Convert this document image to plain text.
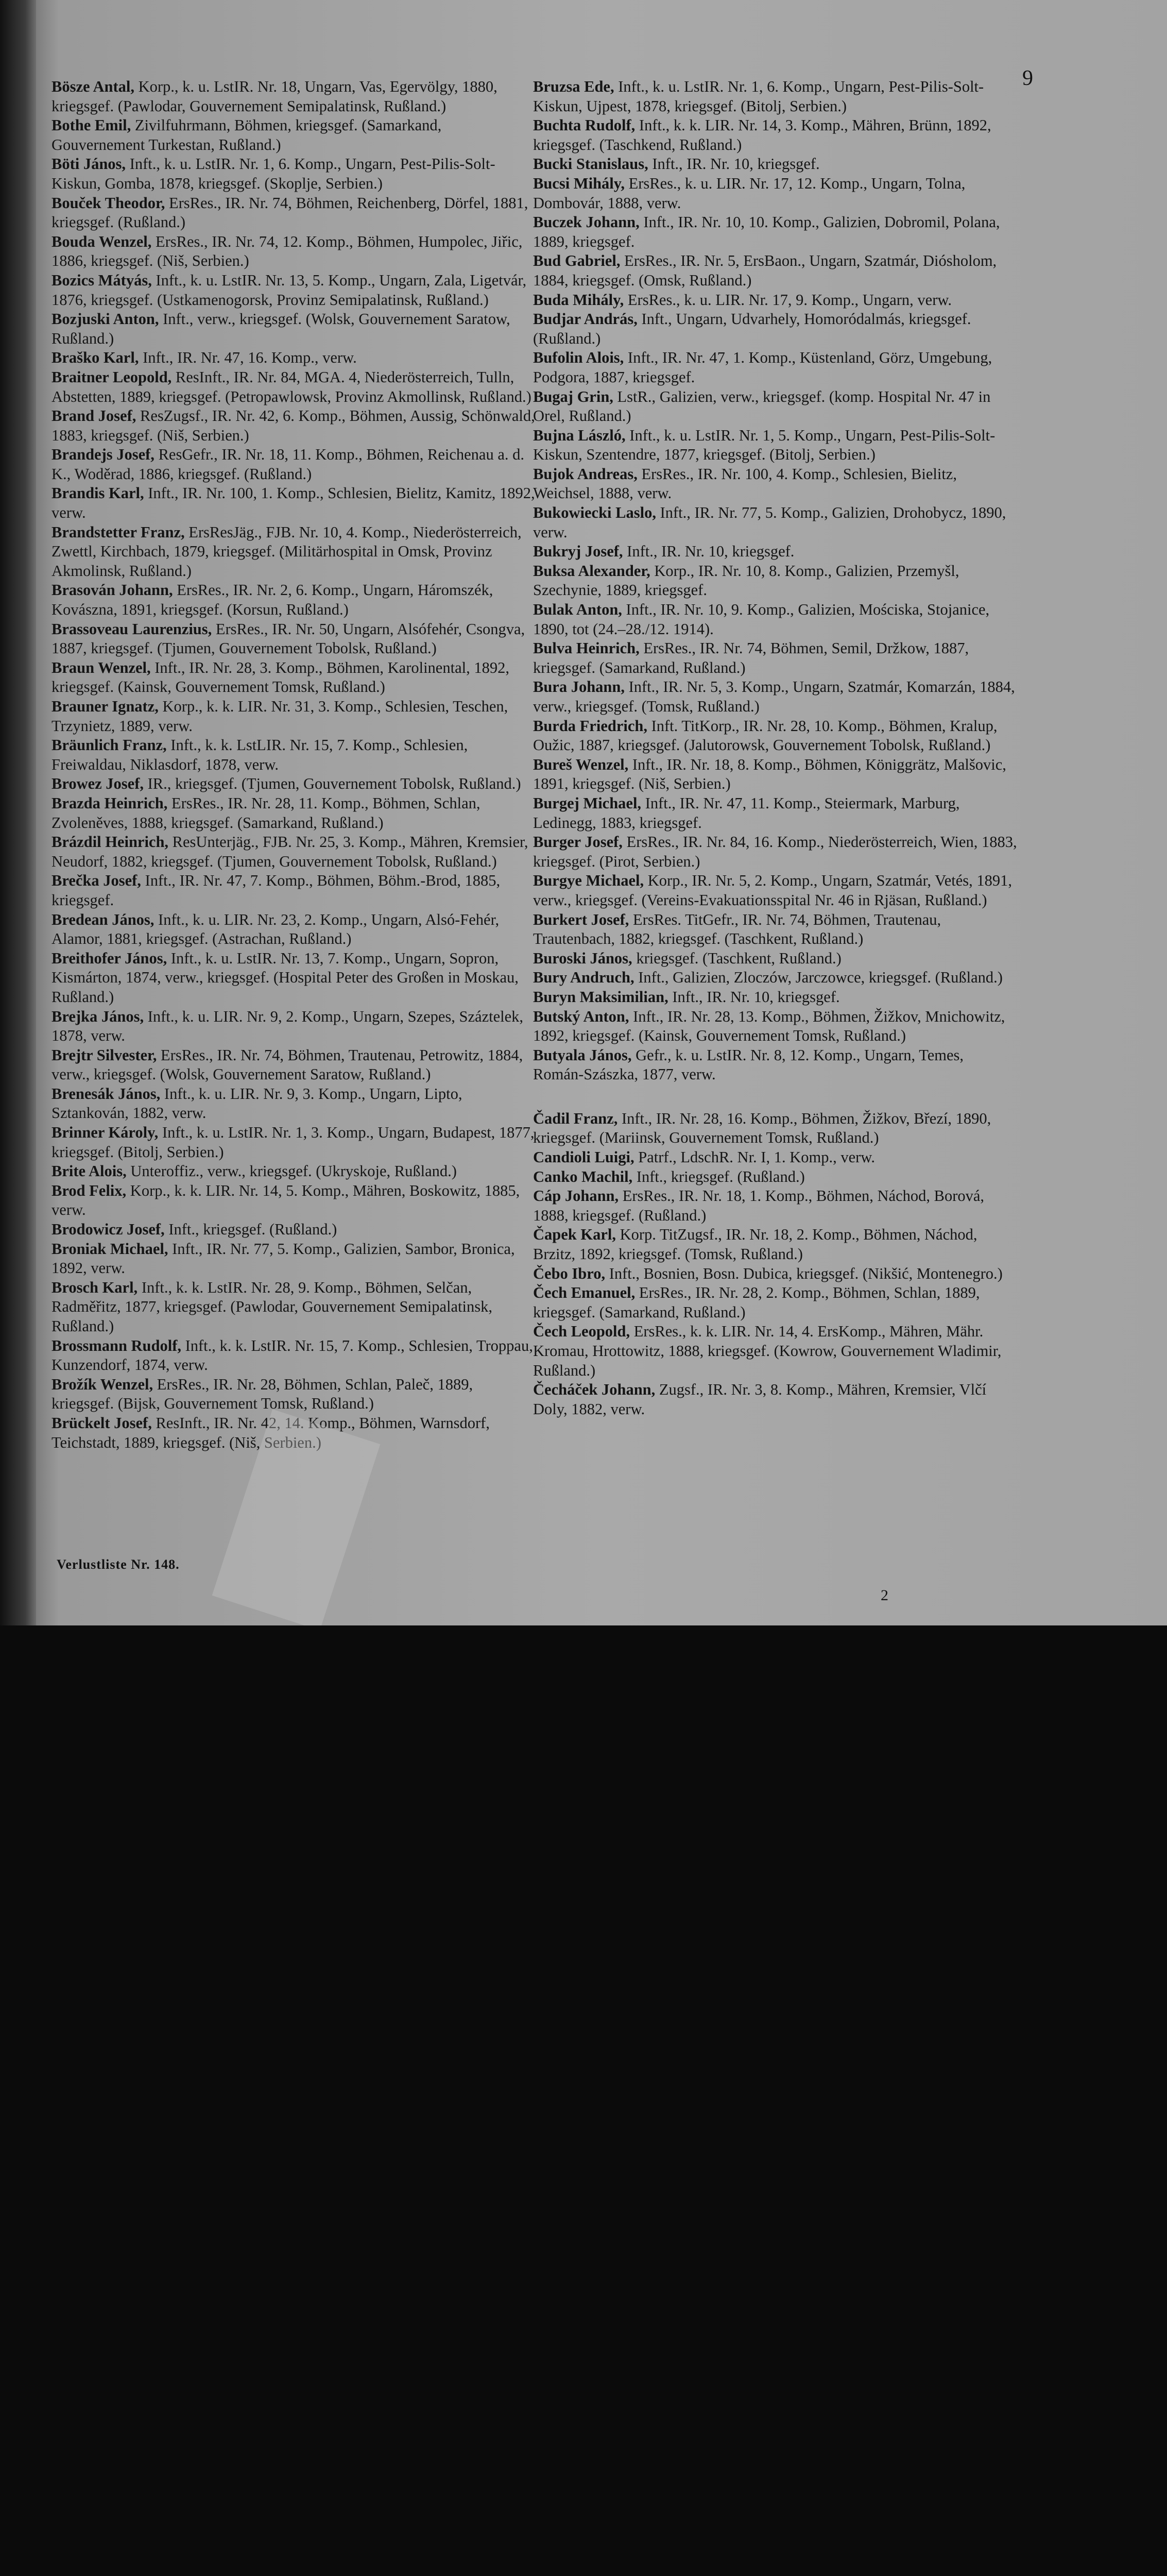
9

Bösze Antal, Korp., k. u. LstIR. Nr. 18, Ungarn, Vas, Egervölgy, 1880, kriegsgef. (Pawlodar, Gouvernement Semipalatinsk, Rußland.)

Bothe Emil, Zivilfuhrmann, Böhmen, kriegsgef. (Samarkand, Gouvernement Turkestan, Rußland.)

Böti János, Inft., k. u. LstIR. Nr. 1, 6. Komp., Ungarn, Pest-Pilis-Solt-Kiskun, Gomba, 1878, kriegsgef. (Skoplje, Serbien.)

Bouček Theodor, ErsRes., IR. Nr. 74, Böhmen, Reichenberg, Dörfel, 1881, kriegsgef. (Rußland.)

Bouda Wenzel, ErsRes., IR. Nr. 74, 12. Komp., Böhmen, Humpolec, Jiřic, 1886, kriegsgef. (Niš, Serbien.)

Bozics Mátyás, Inft., k. u. LstIR. Nr. 13, 5. Komp., Ungarn, Zala, Ligetvár, 1876, kriegsgef. (Ustkamenogorsk, Provinz Semipalatinsk, Rußland.)

Bozjuski Anton, Inft., verw., kriegsgef. (Wolsk, Gouvernement Saratow, Rußland.)

Braško Karl, Inft., IR. Nr. 47, 16. Komp., verw.

Braitner Leopold, ResInft., IR. Nr. 84, MGA. 4, Niederösterreich, Tulln, Abstetten, 1889, kriegsgef. (Petropawlowsk, Provinz Akmollinsk, Rußland.)

Brand Josef, ResZugsf., IR. Nr. 42, 6. Komp., Böhmen, Aussig, Schönwald, 1883, kriegsgef. (Niš, Serbien.)

Brandejs Josef, ResGefr., IR. Nr. 18, 11. Komp., Böhmen, Reichenau a. d. K., Woděrad, 1886, kriegsgef. (Rußland.)

Brandis Karl, Inft., IR. Nr. 100, 1. Komp., Schlesien, Bielitz, Kamitz, 1892, verw.

Brandstetter Franz, ErsResJäg., FJB. Nr. 10, 4. Komp., Niederösterreich, Zwettl, Kirchbach, 1879, kriegsgef. (Militärhospital in Omsk, Provinz Akmolinsk, Rußland.)

Brasován Johann, ErsRes., IR. Nr. 2, 6. Komp., Ungarn, Háromszék, Kovászna, 1891, kriegsgef. (Korsun, Rußland.)

Brassoveau Laurenzius, ErsRes., IR. Nr. 50, Ungarn, Alsófehér, Csongva, 1887, kriegsgef. (Tjumen, Gouvernement Tobolsk, Rußland.)

Braun Wenzel, Inft., IR. Nr. 28, 3. Komp., Böhmen, Karolinental, 1892, kriegsgef. (Kainsk, Gouvernement Tomsk, Rußland.)

Brauner Ignatz, Korp., k. k. LIR. Nr. 31, 3. Komp., Schlesien, Teschen, Trzynietz, 1889, verw.

Bräunlich Franz, Inft., k. k. LstLIR. Nr. 15, 7. Komp., Schlesien, Freiwaldau, Niklasdorf, 1878, verw.

Browez Josef, IR., kriegsgef. (Tjumen, Gouvernement Tobolsk, Rußland.)

Brazda Heinrich, ErsRes., IR. Nr. 28, 11. Komp., Böhmen, Schlan, Zvoleněves, 1888, kriegsgef. (Samarkand, Rußland.)

Brázdil Heinrich, ResUnterjäg., FJB. Nr. 25, 3. Komp., Mähren, Kremsier, Neudorf, 1882, kriegsgef. (Tjumen, Gouvernement Tobolsk, Rußland.)

Brečka Josef, Inft., IR. Nr. 47, 7. Komp., Böhmen, Böhm.-Brod, 1885, kriegsgef.

Bredean János, Inft., k. u. LIR. Nr. 23, 2. Komp., Ungarn, Alsó-Fehér, Alamor, 1881, kriegsgef. (Astrachan, Rußland.)

Breithofer János, Inft., k. u. LstIR. Nr. 13, 7. Komp., Ungarn, Sopron, Kismárton, 1874, verw., kriegsgef. (Hospital Peter des Großen in Moskau, Rußland.)

Brejka János, Inft., k. u. LIR. Nr. 9, 2. Komp., Ungarn, Szepes, Száztelek, 1878, verw.

Brejtr Silvester, ErsRes., IR. Nr. 74, Böhmen, Trautenau, Petrowitz, 1884, verw., kriegsgef. (Wolsk, Gouvernement Saratow, Rußland.)

Brenesák János, Inft., k. u. LIR. Nr. 9, 3. Komp., Ungarn, Lipto, Sztankován, 1882, verw.

Brinner Károly, Inft., k. u. LstIR. Nr. 1, 3. Komp., Ungarn, Budapest, 1877, kriegsgef. (Bitolj, Serbien.)

Brite Alois, Unteroffiz., verw., kriegsgef. (Ukryskoje, Rußland.)

Brod Felix, Korp., k. k. LIR. Nr. 14, 5. Komp., Mähren, Boskowitz, 1885, verw.

Brodowicz Josef, Inft., kriegsgef. (Rußland.)

Broniak Michael, Inft., IR. Nr. 77, 5. Komp., Galizien, Sambor, Bronica, 1892, verw.

Brosch Karl, Inft., k. k. LstIR. Nr. 28, 9. Komp., Böhmen, Selčan, Radměřitz, 1877, kriegsgef. (Pawlodar, Gouvernement Semipalatinsk, Rußland.)

Brossmann Rudolf, Inft., k. k. LstIR. Nr. 15, 7. Komp., Schlesien, Troppau, Kunzendorf, 1874, verw.

Brožík Wenzel, ErsRes., IR. Nr. 28, Böhmen, Schlan, Paleč, 1889, kriegsgef. (Bijsk, Gouvernement Tomsk, Rußland.)

Brückelt Josef, ResInft., IR. Nr. 42, 14. Komp., Böhmen, Warnsdorf, Teichstadt, 1889, kriegsgef. (Niš, Serbien.)

Bruzsa Ede, Inft., k. u. LstIR. Nr. 1, 6. Komp., Ungarn, Pest-Pilis-Solt-Kiskun, Ujpest, 1878, kriegsgef. (Bitolj, Serbien.)

Buchta Rudolf, Inft., k. k. LIR. Nr. 14, 3. Komp., Mähren, Brünn, 1892, kriegsgef. (Taschkend, Rußland.)

Bucki Stanislaus, Inft., IR. Nr. 10, kriegsgef.

Bucsi Mihály, ErsRes., k. u. LIR. Nr. 17, 12. Komp., Ungarn, Tolna, Dombovár, 1888, verw.

Buczek Johann, Inft., IR. Nr. 10, 10. Komp., Galizien, Dobromil, Polana, 1889, kriegsgef.

Bud Gabriel, ErsRes., IR. Nr. 5, ErsBaon., Ungarn, Szatmár, Diósholom, 1884, kriegsgef. (Omsk, Rußland.)

Buda Mihály, ErsRes., k. u. LIR. Nr. 17, 9. Komp., Ungarn, verw.

Budjar András, Inft., Ungarn, Udvarhely, Homoródalmás, kriegsgef. (Rußland.)

Bufolin Alois, Inft., IR. Nr. 47, 1. Komp., Küstenland, Görz, Umgebung, Podgora, 1887, kriegsgef.

Bugaj Grin, LstR., Galizien, verw., kriegsgef. (komp. Hospital Nr. 47 in Orel, Rußland.)

Bujna László, Inft., k. u. LstIR. Nr. 1, 5. Komp., Ungarn, Pest-Pilis-Solt-Kiskun, Szentendre, 1877, kriegsgef. (Bitolj, Serbien.)

Bujok Andreas, ErsRes., IR. Nr. 100, 4. Komp., Schlesien, Bielitz, Weichsel, 1888, verw.

Bukowiecki Laslo, Inft., IR. Nr. 77, 5. Komp., Galizien, Drohobycz, 1890, verw.

Bukryj Josef, Inft., IR. Nr. 10, kriegsgef.

Buksa Alexander, Korp., IR. Nr. 10, 8. Komp., Galizien, Przemyšl, Szechynie, 1889, kriegsgef.

Bulak Anton, Inft., IR. Nr. 10, 9. Komp., Galizien, Mościska, Stojanice, 1890, tot (24.–28./12. 1914).

Bulva Heinrich, ErsRes., IR. Nr. 74, Böhmen, Semil, Držkow, 1887, kriegsgef. (Samarkand, Rußland.)

Bura Johann, Inft., IR. Nr. 5, 3. Komp., Ungarn, Szatmár, Komarzán, 1884, verw., kriegsgef. (Tomsk, Rußland.)

Burda Friedrich, Inft. TitKorp., IR. Nr. 28, 10. Komp., Böhmen, Kralup, Oužic, 1887, kriegsgef. (Jalutorowsk, Gouvernement Tobolsk, Rußland.)

Bureš Wenzel, Inft., IR. Nr. 18, 8. Komp., Böhmen, Königgrätz, Malšovic, 1891, kriegsgef. (Niš, Serbien.)

Burgej Michael, Inft., IR. Nr. 47, 11. Komp., Steiermark, Marburg, Ledinegg, 1883, kriegsgef.

Burger Josef, ErsRes., IR. Nr. 84, 16. Komp., Niederösterreich, Wien, 1883, kriegsgef. (Pirot, Serbien.)

Burgye Michael, Korp., IR. Nr. 5, 2. Komp., Ungarn, Szatmár, Vetés, 1891, verw., kriegsgef. (Vereins-Evakuationsspital Nr. 46 in Rjäsan, Rußland.)

Burkert Josef, ErsRes. TitGefr., IR. Nr. 74, Böhmen, Trautenau, Trautenbach, 1882, kriegsgef. (Taschkent, Rußland.)

Buroski János, kriegsgef. (Taschkent, Rußland.)

Bury Andruch, Inft., Galizien, Zloczów, Jarczowce, kriegsgef. (Rußland.)

Buryn Maksimilian, Inft., IR. Nr. 10, kriegsgef.

Butský Anton, Inft., IR. Nr. 28, 13. Komp., Böhmen, Žižkov, Mnichowitz, 1892, kriegsgef. (Kainsk, Gouvernement Tomsk, Rußland.)

Butyala János, Gefr., k. u. LstIR. Nr. 8, 12. Komp., Ungarn, Temes, Román-Szászka, 1877, verw.

Čadil Franz, Inft., IR. Nr. 28, 16. Komp., Böhmen, Žižkov, Březí, 1890, kriegsgef. (Mariinsk, Gouvernement Tomsk, Rußland.)

Candioli Luigi, Patrf., LdschR. Nr. I, 1. Komp., verw.

Canko Machil, Inft., kriegsgef. (Rußland.)

Cáp Johann, ErsRes., IR. Nr. 18, 1. Komp., Böhmen, Náchod, Borová, 1888, kriegsgef. (Rußland.)

Čapek Karl, Korp. TitZugsf., IR. Nr. 18, 2. Komp., Böhmen, Náchod, Brzitz, 1892, kriegsgef. (Tomsk, Rußland.)

Čebo Ibro, Inft., Bosnien, Bosn. Dubica, kriegsgef. (Nikšić, Montenegro.)

Čech Emanuel, ErsRes., IR. Nr. 28, 2. Komp., Böhmen, Schlan, 1889, kriegsgef. (Samarkand, Rußland.)

Čech Leopold, ErsRes., k. k. LIR. Nr. 14, 4. ErsKomp., Mähren, Mähr. Kromau, Hrottowitz, 1888, kriegsgef. (Kowrow, Gouvernement Wladimir, Rußland.)

Čecháček Johann, Zugsf., IR. Nr. 3, 8. Komp., Mähren, Kremsier, Vlčí Doly, 1882, verw.

Verlustliste Nr. 148.
2
